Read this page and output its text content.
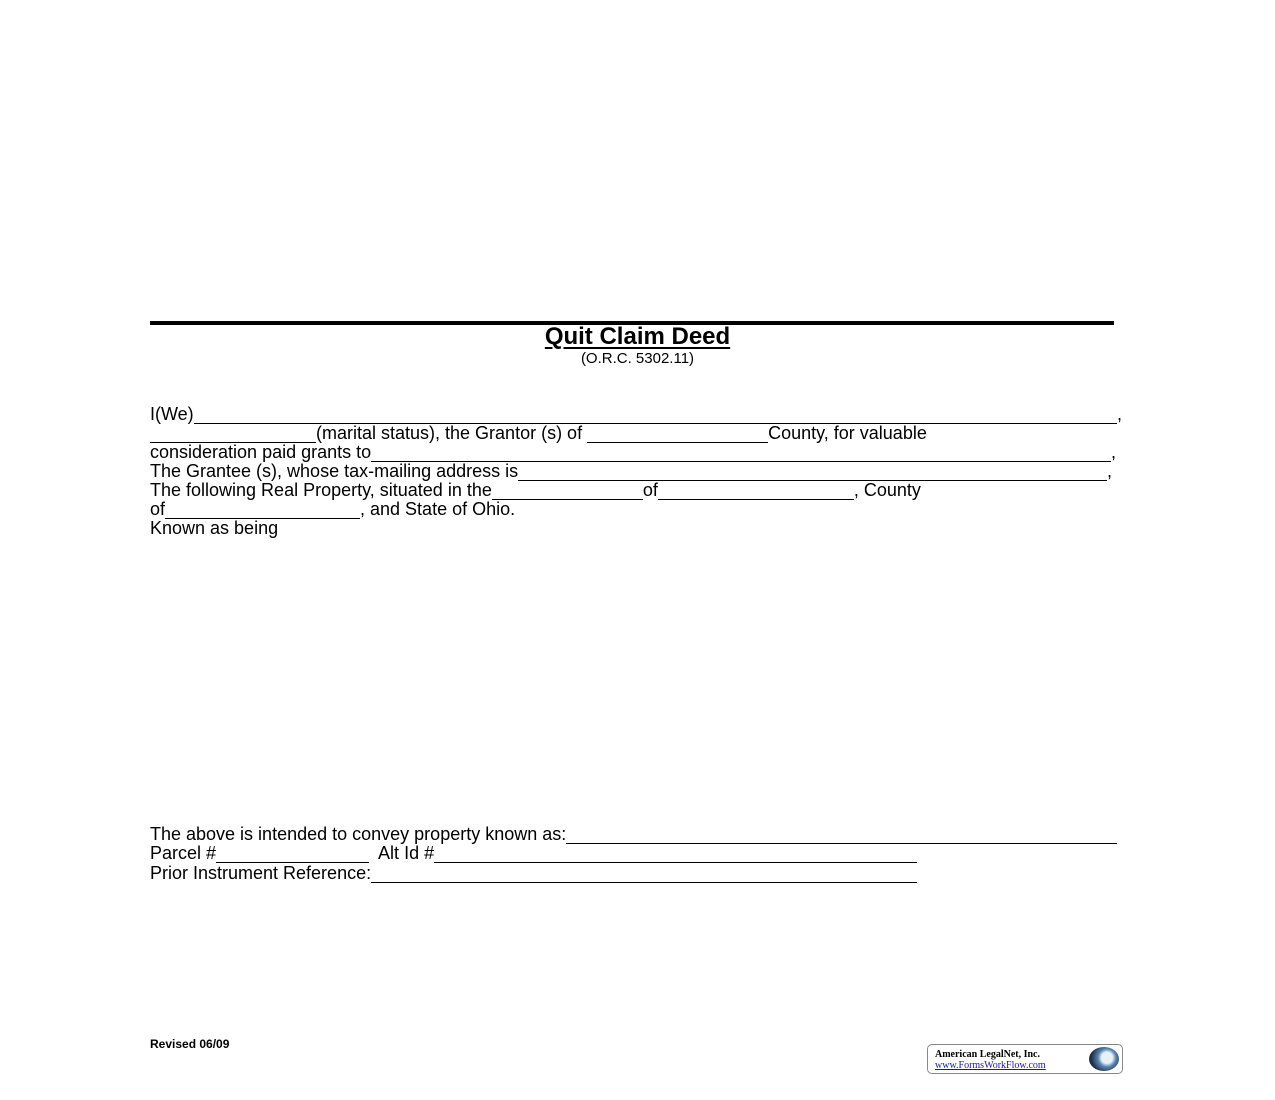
Quit Claim Deed
(O.R.C. 5302.11)
I(We)	,
(marital status), the Grantor (s) of	County, for valuable
consideration paid grants to	,
The Grantee (s), whose tax-mailing address is	,
The following Real Property, situated in the	of	, County
of	, and State of Ohio.
Known as being
The above is intended to convey property known as:
Parcel #	Alt Id #
Prior Instrument Reference:
Revised 06/09
American LegalNet, Inc.
www.FormsWorkFlow.com
